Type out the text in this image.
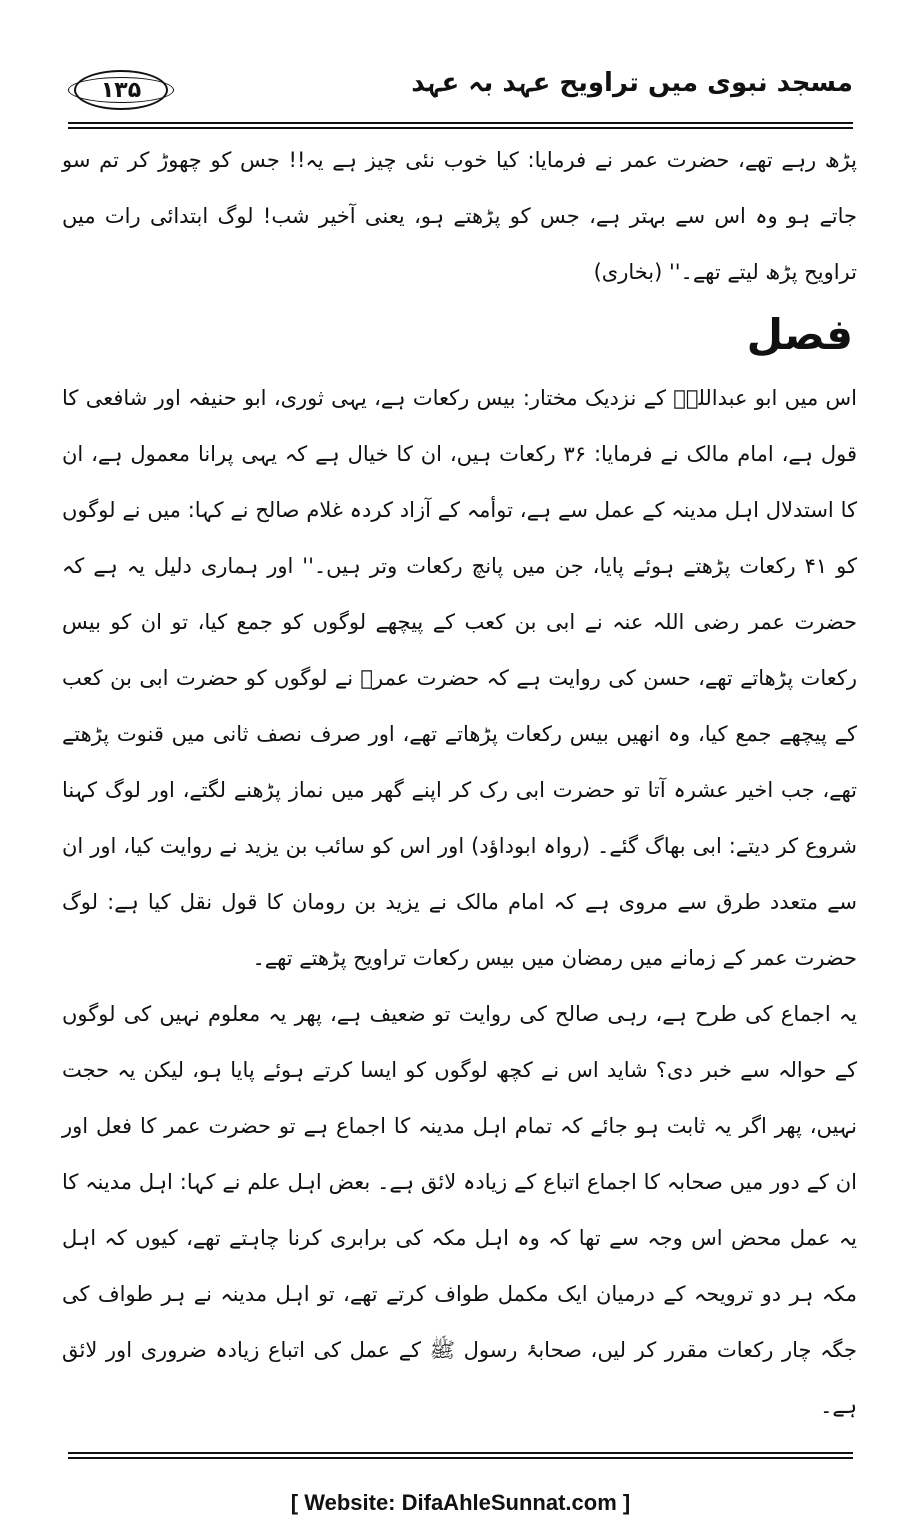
۱۳۵	مسجد نبوی میں تراویح عہد بہ عہد

پڑھ رہے تھے، حضرت عمر نے فرمایا: کیا خوب نئی چیز ہے یہ!! جس کو چھوڑ کر تم سو جاتے ہو وہ اس سے بہتر ہے، جس کو پڑھتے ہو، یعنی آخیر شب! لوگ ابتدائی رات میں تراویح پڑھ لیتے تھے۔'' (بخاری)

فصل

اس میں ابو عبداللہؒ کے نزدیک مختار: بیس رکعات ہے، یہی ثوری، ابو حنیفہ اور شافعی کا قول ہے، امام مالک نے فرمایا: ۳۶ رکعات ہیں، ان کا خیال ہے کہ یہی پرانا معمول ہے، ان کا استدلال اہل مدینہ کے عمل سے ہے، توأمہ کے آزاد کردہ غلام صالح نے کہا: میں نے لوگوں کو ۴۱ رکعات پڑھتے ہوئے پایا، جن میں پانچ رکعات وتر ہیں۔'' اور ہماری دلیل یہ ہے کہ حضرت عمر رضی اللہ عنہ نے ابی بن کعب کے پیچھے لوگوں کو جمع کیا، تو ان کو بیس رکعات پڑھاتے تھے، حسن کی روایت ہے کہ حضرت عمرؓ نے لوگوں کو حضرت ابی بن کعب کے پیچھے جمع کیا، وہ انھیں بیس رکعات پڑھاتے تھے، اور صرف نصف ثانی میں قنوت پڑھتے تھے، جب اخیر عشرہ آتا تو حضرت ابی رک کر اپنے گھر میں نماز پڑھنے لگتے، اور لوگ کہنا شروع کر دیتے: ابی بھاگ گئے۔ (رواہ ابوداؤد) اور اس کو سائب بن یزید نے روایت کیا، اور ان سے متعدد طرق سے مروی ہے کہ امام مالک نے یزید بن رومان کا قول نقل کیا ہے: لوگ حضرت عمر کے زمانے میں رمضان میں بیس رکعات تراویح پڑھتے تھے۔

یہ اجماع کی طرح ہے، رہی صالح کی روایت تو ضعیف ہے، پھر یہ معلوم نہیں کی لوگوں کے حوالہ سے خبر دی؟ شاید اس نے کچھ لوگوں کو ایسا کرتے ہوئے پایا ہو، لیکن یہ حجت نہیں، پھر اگر یہ ثابت ہو جائے کہ تمام اہل مدینہ کا اجماع ہے تو حضرت عمر کا فعل اور ان کے دور میں صحابہ کا اجماع اتباع کے زیادہ لائق ہے۔ بعض اہل علم نے کہا: اہل مدینہ کا یہ عمل محض اس وجہ سے تھا کہ وہ اہل مکہ کی برابری کرنا چاہتے تھے، کیوں کہ اہل مکہ ہر دو ترویحہ کے درمیان ایک مکمل طواف کرتے تھے، تو اہل مدینہ نے ہر طواف کی جگہ چار رکعات مقرر کر لیں، صحابۂ رسول ﷺ کے عمل کی اتباع زیادہ ضروری اور لائق ہے۔

[ Website: DifaAhleSunnat.com ]
